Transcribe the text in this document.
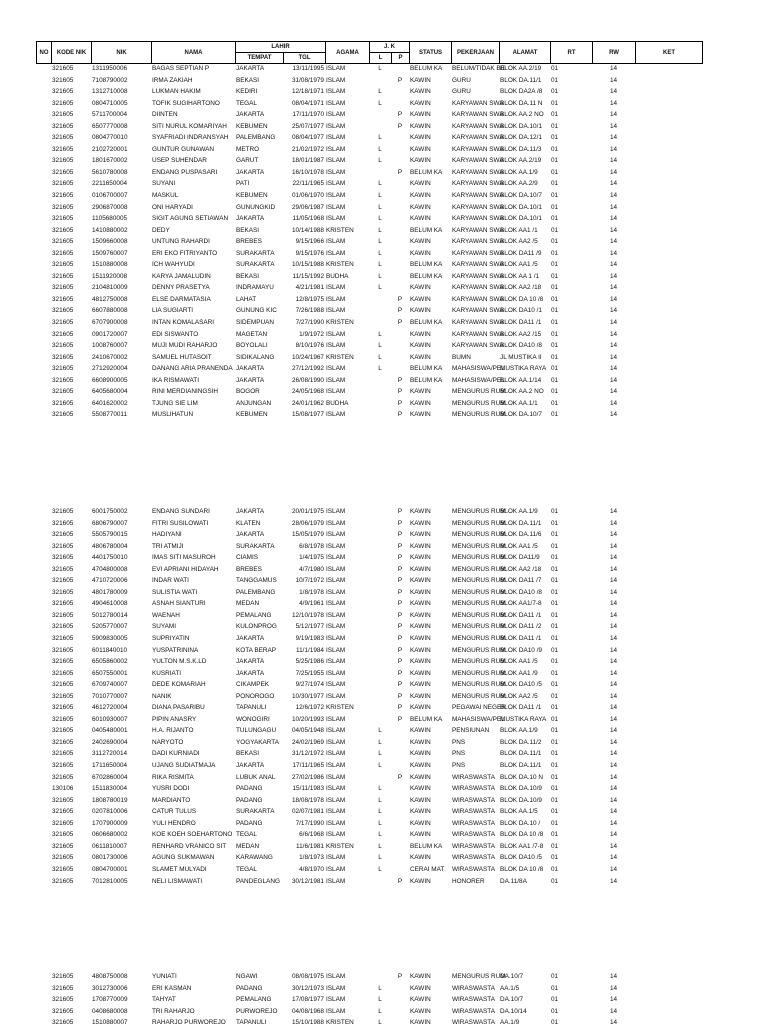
NO	KODE NIK	NIK	NAMA	LAHIR		AGAMA	J. K		STATUS	PEKERJAAN	ALAMAT	RT	RW	KET
				TEMPAT	TGL		L	P						
	321605	1311950006	BAGAS SEPTIAN P	JAKARTA	13/11/1995	ISLAM	L		BELUM KA	BELUM/TIDAK BE	BLOK AA.2/19	01	14	
	321605	7108790002	IRMA ZAKIAH	BEKASI	31/08/1979	ISLAM		P	KAWIN	GURU	BLOK DA.11/1	01	14	
	321605	1312710008	LUKMAN HAKIM	KEDIRI	12/18/1971	ISLAM	L		KAWIN	GURU	BLOK DA2A /8	01	14	
	321605	0804710005	TOFIK SUGIHARTONO	TEGAL	08/04/1971	ISLAM	L		KAWIN	KARYAWAN SWA	BLOK DA.11 N	01	14	
	321605	5711700004	DIINTEN	JAKARTA	17/11/1970	ISLAM		P	KAWIN	KARYAWAN SWA	BLOK AA.2 NO	01	14	
	321605	6507770008	SITI NURUL KOMARIYAH	KEBUMEN	25/07/1977	ISLAM		P	KAWIN	KARYAWAN SWA	BLOK DA.10/1	01	14	
	321605	0804770010	SYAFRIADI INDRANSYAH	PALEMBANG	08/04/1977	ISLAM	L		KAWIN	KARYAWAN SWA	BLOK DA.12/1	01	14	
	321605	2102720001	GUNTUR GUNAWAN	METRO	21/02/1972	ISLAM	L		KAWIN	KARYAWAN SWA	BLOK DA.11/3	01	14	
	321605	1801670002	USEP SUHENDAR	GARUT	18/01/1987	ISLAM	L		KAWIN	KARYAWAN SWA	BLOK AA.2/19	01	14	
	321605	5610780008	ENDANG PUSPASARI	JAKARTA	16/10/1978	ISLAM		P	BELUM KA	KARYAWAN SWA	BLOK AA.1/9	01	14	
	321605	2211650004	SUYANI	PATI	22/11/1965	ISLAM	L		KAWIN	KARYAWAN SWA	BLOK AA.2/9	01	14	
	321605	0106700007	MASKUL	KEBUMEN	01/06/1970	ISLAM	L		KAWIN	KARYAWAN SWA	BLOK DA.10/7	01	14	
	321605	2906870008	ONI HARYADI	GUNUNGKID	29/06/1987	ISLAM	L		KAWIN	KARYAWAN SWA	BLOK DA.10/1	01	14	
	321605	1105680005	SIGIT AGUNG SETIAWAN	JAKARTA	11/05/1968	ISLAM	L		KAWIN	KARYAWAN SWA	BLOK DA.10/1	01	14	
	321605	1410880002	DEDY	BEKASI	10/14/1988	KRISTEN	L		BELUM KA	KARYAWAN SWA	BLOK AA1 /1	01	14	
	321605	1509660008	UNTUNG RAHARDI	BREBES	9/15/1966	ISLAM	L		KAWIN	KARYAWAN SWA	BLOK AA2 /5	01	14	
	321605	1509760007	ERI EKO FITRIYANTO	SURAKARTA	9/15/1976	ISLAM	L		KAWIN	KARYAWAN SWA	BLOK DA11 /9	01	14	
	321605	1510880008	ICH WAHYUDI	SURAKARTA	10/15/1988	KRISTEN	L		BELUM KA	KARYAWAN SWA	BLOK AA1 /5	01	14	
	321605	1511920008	KARYA JAMALUDIN	BEKASI	11/15/1992	BUDHA	L		BELUM KA	KARYAWAN SWA	BLOK AA 1 /1	01	14	
	321605	2104810009	DENNY PRASETYA	INDRAMAYU	4/21/1981	ISLAM	L		KAWIN	KARYAWAN SWA	BLOK AA2 /18	01	14	
	321605	4812750008	ELSE DARMATASIA	LAHAT	12/8/1975	ISLAM		P	KAWIN	KARYAWAN SWA	BLOK DA 10 /8	01	14	
	321605	6607880008	LIA SUGIARTI	GUNUNG KIC	7/26/1988	ISLAM		P	KAWIN	KARYAWAN SWA	BLOK DA10 /1	01	14	
	321605	6707900008	INTAN KOMALASARI	SIDEMPUAN	7/27/1990	KRISTEN		P	BELUM KA	KARYAWAN SWA	BLOK DA11 /1	01	14	
	321605	0901720007	EDI SISWANTO	MAGETAN	1/9/1972	ISLAM	L		KAWIN	KARYAWAN SWA	BLOK AA2 /15	01	14	
	321605	1008760007	MUJI MUDI RAHARJO	BOYOLALI	8/10/1976	ISLAM	L		KAWIN	KARYAWAN SWA	BLOK DA10 /8	01	14	
	321605	2410670002	SAMUEL HUTASOIT	SIDIKALANG	10/24/1967	KRISTEN	L		KAWIN	BUMN	JL MUSTIKA II	01	14	
	321605	2712920004	DANANG ARIA PRANENDA	JAKARTA	27/12/1992	ISLAM	L		BELUM KA	MAHASISWA/PEL	MUSTIKA RAYA	01	14	
	321605	6608900005	IKA RISMAWATI	JAKARTA	26/08/1990	ISLAM		P	BELUM KA	MAHASISWA/PEL	BLOK AA.1/14	01	14	
	321605	6405680004	RINI MERDIANINGSIH	BOGOR	24/05/1968	ISLAM		P	KAWIN	MENGURUS RUM	BLOK AA.2 NO	01	14	
	321605	6401620002	TJUNG SIE LIM	ANJUNGAN	24/01/1962	BUDHA		P	KAWIN	MENGURUS RUM	BLOK AA.1/1	01	14	
	321605	5508770011	MUSLIHATUN	KEBUMEN	15/08/1977	ISLAM		P	KAWIN	MENGURUS RUM	BLOK DA.10/7	01	14	
	321605	6001750002	ENDANG SUNDARI	JAKARTA	20/01/1975	ISLAM		P	KAWIN	MENGURUS RUM	BLOK AA.1/9	01	14	
	321605	6806790007	FITRI SUSILOWATI	KLATEN	28/06/1979	ISLAM		P	KAWIN	MENGURUS RUM	BLOK DA.11/1	01	14	
	321605	5505790015	HADIYANI	JAKARTA	15/05/1979	ISLAM		P	KAWIN	MENGURUS RUM	BLOK DA.11/6	01	14	
	321605	4806780004	TRI ATMIJI	SURAKARTA	6/8/1978	ISLAM		P	KAWIN	MENGURUS RUM	BLOK AA1 /5	01	14	
	321605	4401750010	IMAS SITI MASUROH	CIAMIS	1/4/1975	ISLAM		P	KAWIN	MENGURUS RUM	BLOK DA11/9	01	14	
	321605	4704800008	EVI APRIANI HIDAYAH	BREBES	4/7/1980	ISLAM		P	KAWIN	MENGURUS RUM	BLOK AA2 /18	01	14	
	321605	4710720006	INDAR WATI	TANGGAMUS	10/7/1972	ISLAM		P	KAWIN	MENGURUS RUM	BLOK DA11 /7	01	14	
	321605	4801780009	SULISTIA WATI	PALEMBANG	1/8/1978	ISLAM		P	KAWIN	MENGURUS RUM	BLOK DA10 /8	01	14	
	321605	4904610008	ASNAH SIANTURI	MEDAN	4/9/1961	ISLAM		P	KAWIN	MENGURUS RUM	BLOK AA1/7-8	01	14	
	321605	5012780014	WAENAH	PEMALANG	12/10/1978	ISLAM		P	KAWIN	MENGURUS RUM	BLOK DA11 /1	01	14	
	321605	5205770007	SUYAMI	KULONPROG	5/12/1977	ISLAM		P	KAWIN	MENGURUS RUM	BLOK DA11 /2	01	14	
	321605	5909830005	SUPRIYATIN	JAKARTA	9/19/1983	ISLAM		P	KAWIN	MENGURUS RUM	BLOK DA11 /1	01	14	
	321605	6011840010	YUSPATRININA	KOTA BERAP	11/1/1984	ISLAM		P	KAWIN	MENGURUS RUM	BLOK DA10 /9	01	14	
	321605	6505860002	YULTON M.S.K.LD	JAKARTA	5/25/1986	ISLAM		P	KAWIN	MENGURUS RUM	BLOK AA1 /5	01	14	
	321605	6507550001	KUSRIATI	JAKARTA	7/25/1955	ISLAM		P	KAWIN	MENGURUS RUM	BLOK AA1 /9	01	14	
	321605	6709740007	DEDE KOMARIAH	CIKAMPEK	9/27/1974	ISLAM		P	KAWIN	MENGURUS RUM	BLOK DA10 /5	01	14	
	321605	7010770007	NANIK	PONOROGO	10/30/1977	ISLAM		P	KAWIN	MENGURUS RUM	BLOK AA2 /5	01	14	
	321605	4612720004	DIANA PASARIBU	TAPANULI	12/6/1972	KRISTEN		P	KAWIN	PEGAWAI NEGER	BLOK DA11 /1	01	14	
	321605	6010930007	PIPIN ANASRY	WONOGIRI	10/20/1993	ISLAM		P	BELUM KA	MAHASISWA/PEL	MUSTIKA RAYA	01	14	
	321605	0405480001	H.A. RIJANTO	TULUNGAGU	04/05/1948	ISLAM	L		KAWIN	PENSIUNAN	BLOK AA.1/9	01	14	
	321605	2402690004	NARYOTO	YOGYAKARTA	24/02/1969	ISLAM	L		KAWIN	PNS	BLOK DA.11/2	01	14	
	321605	3112720014	DADI KURNIADI	BEKASI	31/12/1972	ISLAM	L		KAWIN	PNS	BLOK DA.11/1	01	14	
	321605	1711650004	UJANG SUDIATMAJA	JAKARTA	17/11/1965	ISLAM	L		KAWIN	PNS	BLOK DA.11/1	01	14	
	321605	6702860004	RIKA RISMITA	LUBUK ANAL	27/02/1986	ISLAM		P	KAWIN	WIRASWASTA	BLOK DA.10 N	01	14	
	130106	1511830004	YUSRI DODI	PADANG	15/11/1983	ISLAM	L		KAWIN	WIRASWASTA	BLOK DA.10/9	01	14	
	321605	1808780019	MARDIANTO	PADANG	18/08/1978	ISLAM	L		KAWIN	WIRASWASTA	BLOK DA.10/9	01	14	
	321605	0207810006	CATUR TULUS	SURAKARTA	02/07/1981	ISLAM	L		KAWIN	WIRASWASTA	BLOK AA.1/5	01	14	
	321605	1707900009	YULI HENDRO	PADANG	7/17/1990	ISLAM	L		KAWIN	WIRASWASTA	BLOK DA.10 /	01	14	
	321605	0606680002	KOE KOEH SOEHARTONO	TEGAL	6/6/1968	ISLAM	L		KAWIN	WIRASWASTA	BLOK DA 10 /8	01	14	
	321605	0611810007	RENHARD VRANICO SIT	MEDAN	11/6/1981	KRISTEN	L		BELUM KA	WIRASWASTA	BLOK AA1 /7-8	01	14	
	321605	0801730006	AGUNG SUKMAWAN	KARAWANG	1/8/1973	ISLAM	L		KAWIN	WIRASWASTA	BLOK DA10 /5	01	14	
	321605	0804700001	SLAMET MULYADI	TEGAL	4/8/1970	ISLAM	L		CERAI MAT	WIRASWASTA	BLOK DA 10 /8	01	14	
	321605	7012810005	NELI LISMAWATI	PANDEGLANG	30/12/1981	ISLAM		P	KAWIN	HONORER	DA.11/8A	01	14	
	321605	4808750008	YUNIATI	NGAWI	08/08/1975	ISLAM		P	KAWIN	MENGURUS RUM	DA.10/7	01	14	
	321605	3012730006	ERI KASMAN	PADANG	30/12/1973	ISLAM	L		KAWIN	WIRASWASTA	AA.1/5	01	14	
	321605	1708770009	TAHYAT	PEMALANG	17/08/1977	ISLAM	L		KAWIN	WIRASWASTA	DA.10/7	01	14	
	321605	0408680008	TRI RAHARJO	PURWOREJO	04/08/1968	ISLAM	L		KAWIN	WIRASWASTA	DA.10/14	01	14	
	321605	1510880007	RAHARJO PURWOREJO	TAPANULI	15/10/1988	KRISTEN	L		KAWIN	WIRASWASTA	AA.1/9	01	14	
